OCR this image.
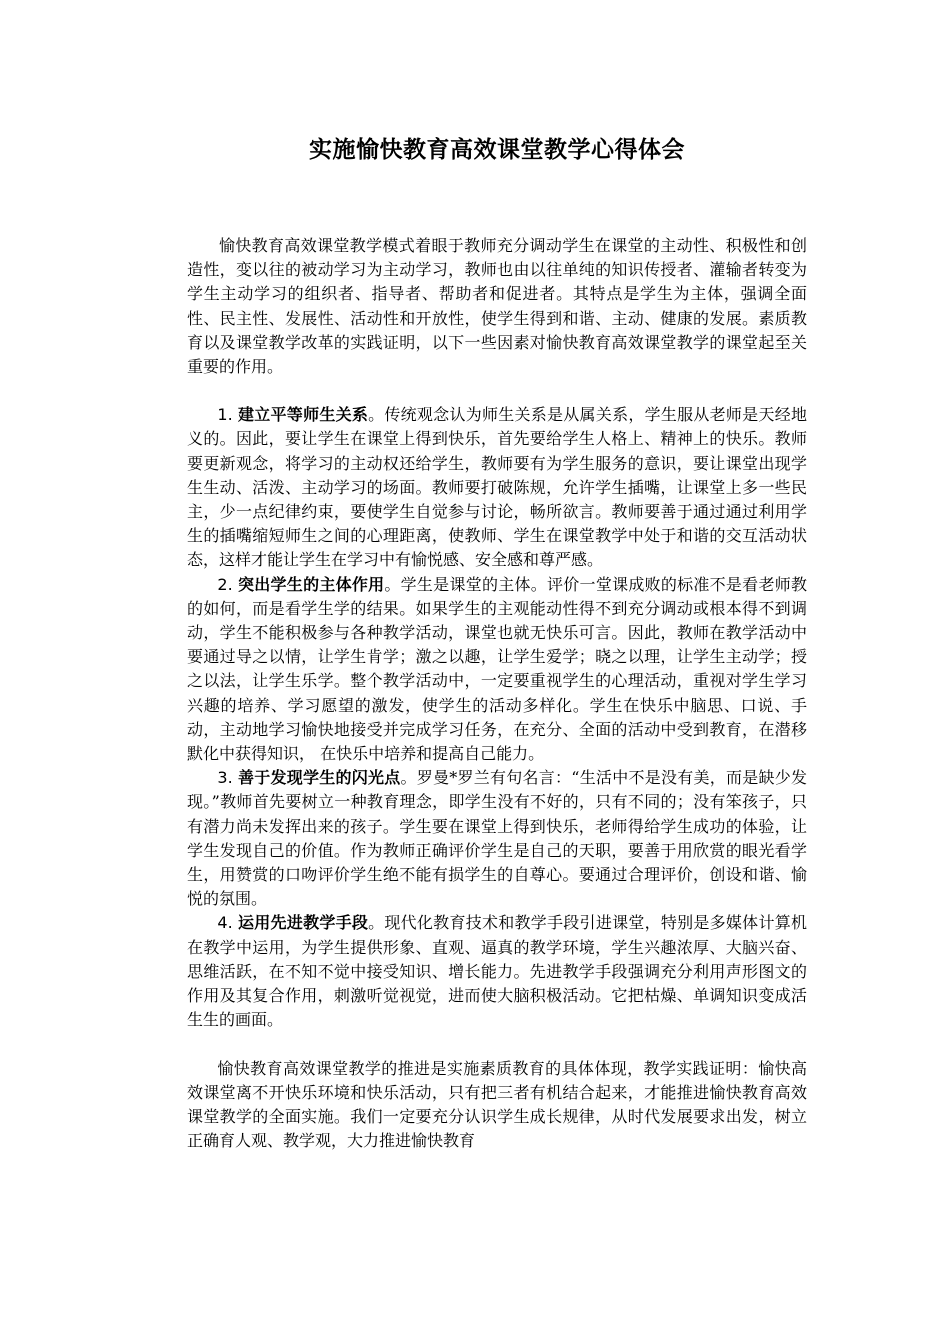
实施愉快教育高效课堂教学心得体会

愉快教育高效课堂教学模式着眼于教师充分调动学生在课堂的主动性、积极性和创造性，变以往的被动学习为主动学习，教师也由以往单纯的知识传授者、灌输者转变为学生主动学习的组织者、指导者、帮助者和促进者。其特点是学生为主体，强调全面性、民主性、发展性、活动性和开放性，使学生得到和谐、主动、健康的发展。素质教育以及课堂教学改革的实践证明，以下一些因素对愉快教育高效课堂教学的课堂起至关重要的作用。

1. 建立平等师生关系。传统观念认为师生关系是从属关系，学生服从老师是天经地义的。因此，要让学生在课堂上得到快乐，首先要给学生人格上、精神上的快乐。教师要更新观念，将学习的主动权还给学生，教师要有为学生服务的意识，要让课堂出现学生生动、活泼、主动学习的场面。教师要打破陈规，允许学生插嘴，让课堂上多一些民主，少一点纪律约束，要使学生自觉参与讨论，畅所欲言。教师要善于通过通过利用学生的插嘴缩短师生之间的心理距离，使教师、学生在课堂教学中处于和谐的交互活动状态，这样才能让学生在学习中有愉悦感、安全感和尊严感。

2. 突出学生的主体作用。学生是课堂的主体。评价一堂课成败的标准不是看老师教的如何，而是看学生学的结果。如果学生的主观能动性得不到充分调动或根本得不到调动，学生不能积极参与各种教学活动，课堂也就无快乐可言。因此，教师在教学活动中要通过导之以情，让学生肯学；激之以趣，让学生爱学；晓之以理，让学生主动学；授之以法，让学生乐学。整个教学活动中，一定要重视学生的心理活动，重视对学生学习兴趣的培养、学习愿望的激发，使学生的活动多样化。学生在快乐中脑思、口说、手动，主动地学习愉快地接受并完成学习任务，在充分、全面的活动中受到教育，在潜移默化中获得知识， 在快乐中培养和提高自己能力。

3. 善于发现学生的闪光点。罗曼*罗兰有句名言：“生活中不是没有美，而是缺少发现。”教师首先要树立一种教育理念，即学生没有不好的，只有不同的；没有笨孩子，只有潜力尚未发挥出来的孩子。学生要在课堂上得到快乐，老师得给学生成功的体验，让学生发现自己的价值。作为教师正确评价学生是自己的天职，要善于用欣赏的眼光看学生，用赞赏的口吻评价学生绝不能有损学生的自尊心。要通过合理评价，创设和谐、愉悦的氛围。

4. 运用先进教学手段。现代化教育技术和教学手段引进课堂，特别是多媒体计算机在教学中运用，为学生提供形象、直观、逼真的教学环境，学生兴趣浓厚、大脑兴奋、思维活跃，在不知不觉中接受知识、增长能力。先进教学手段强调充分利用声形图文的作用及其复合作用，刺激听觉视觉，进而使大脑积极活动。它把枯燥、单调知识变成活生生的画面。

愉快教育高效课堂教学的推进是实施素质教育的具体体现，教学实践证明：愉快高效课堂离不开快乐环境和快乐活动，只有把三者有机结合起来，才能推进愉快教育高效课堂教学的全面实施。我们一定要充分认识学生成长规律，从时代发展要求出发，树立正确育人观、教学观，大力推进愉快教育
